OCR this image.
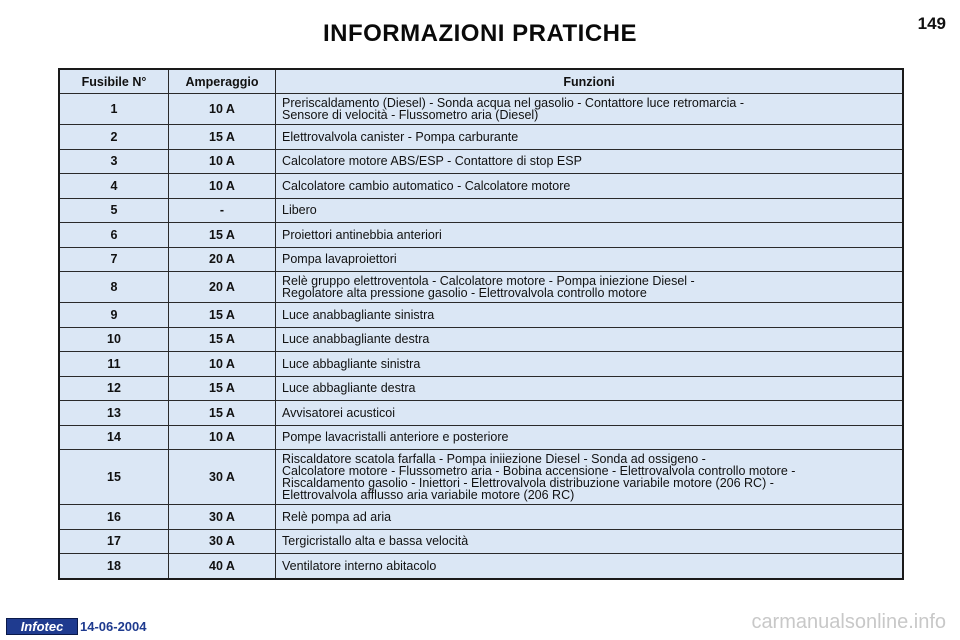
INFORMAZIONI PRATICHE	149
Fusibile N°	Amperaggio	Funzioni
1	10 A	Preriscaldamento (Diesel) - Sonda acqua nel gasolio - Contattore luce retromarcia -
Sensore di velocità - Flussometro aria (Diesel)

2	15 A	Elettrovalvola canister - Pompa carburante

3	10 A	Calcolatore motore ABS/ESP - Contattore di stop ESP

4	10 A	Calcolatore cambio automatico - Calcolatore motore

5	-	Libero

6	15 A	Proiettori antinebbia anteriori

7	20 A	Pompa lavaproiettori

8	20 A	Relè gruppo elettroventola - Calcolatore motore - Pompa iniezione Diesel -
Regolatore alta pressione gasolio - Elettrovalvola controllo motore

9	15 A	Luce anabbagliante sinistra

10	15 A	Luce anabbagliante destra

11	10 A	Luce abbagliante sinistra

12	15 A	Luce abbagliante destra

13	15 A	Avvisatorei acusticoi

14	10 A	Pompe lavacristalli anteriore e posteriore

15	30 A	Riscaldatore scatola farfalla - Pompa iniiezione Diesel - Sonda ad ossigeno -
Calcolatore motore - Flussometro aria - Bobina accensione - Elettrovalvola controllo motore -
Riscaldamento gasolio - Iniettori - Elettrovalvola distribuzione variabile motore (206 RC) -
Elettrovalvola afflusso aria variabile motore (206 RC)

16	30 A	Relè pompa ad aria

17	30 A	Tergicristallo alta e bassa velocità

18	40 A	Ventilatore interno abitacolo
Infotec	14-06-2004	carmanualsonline.info
